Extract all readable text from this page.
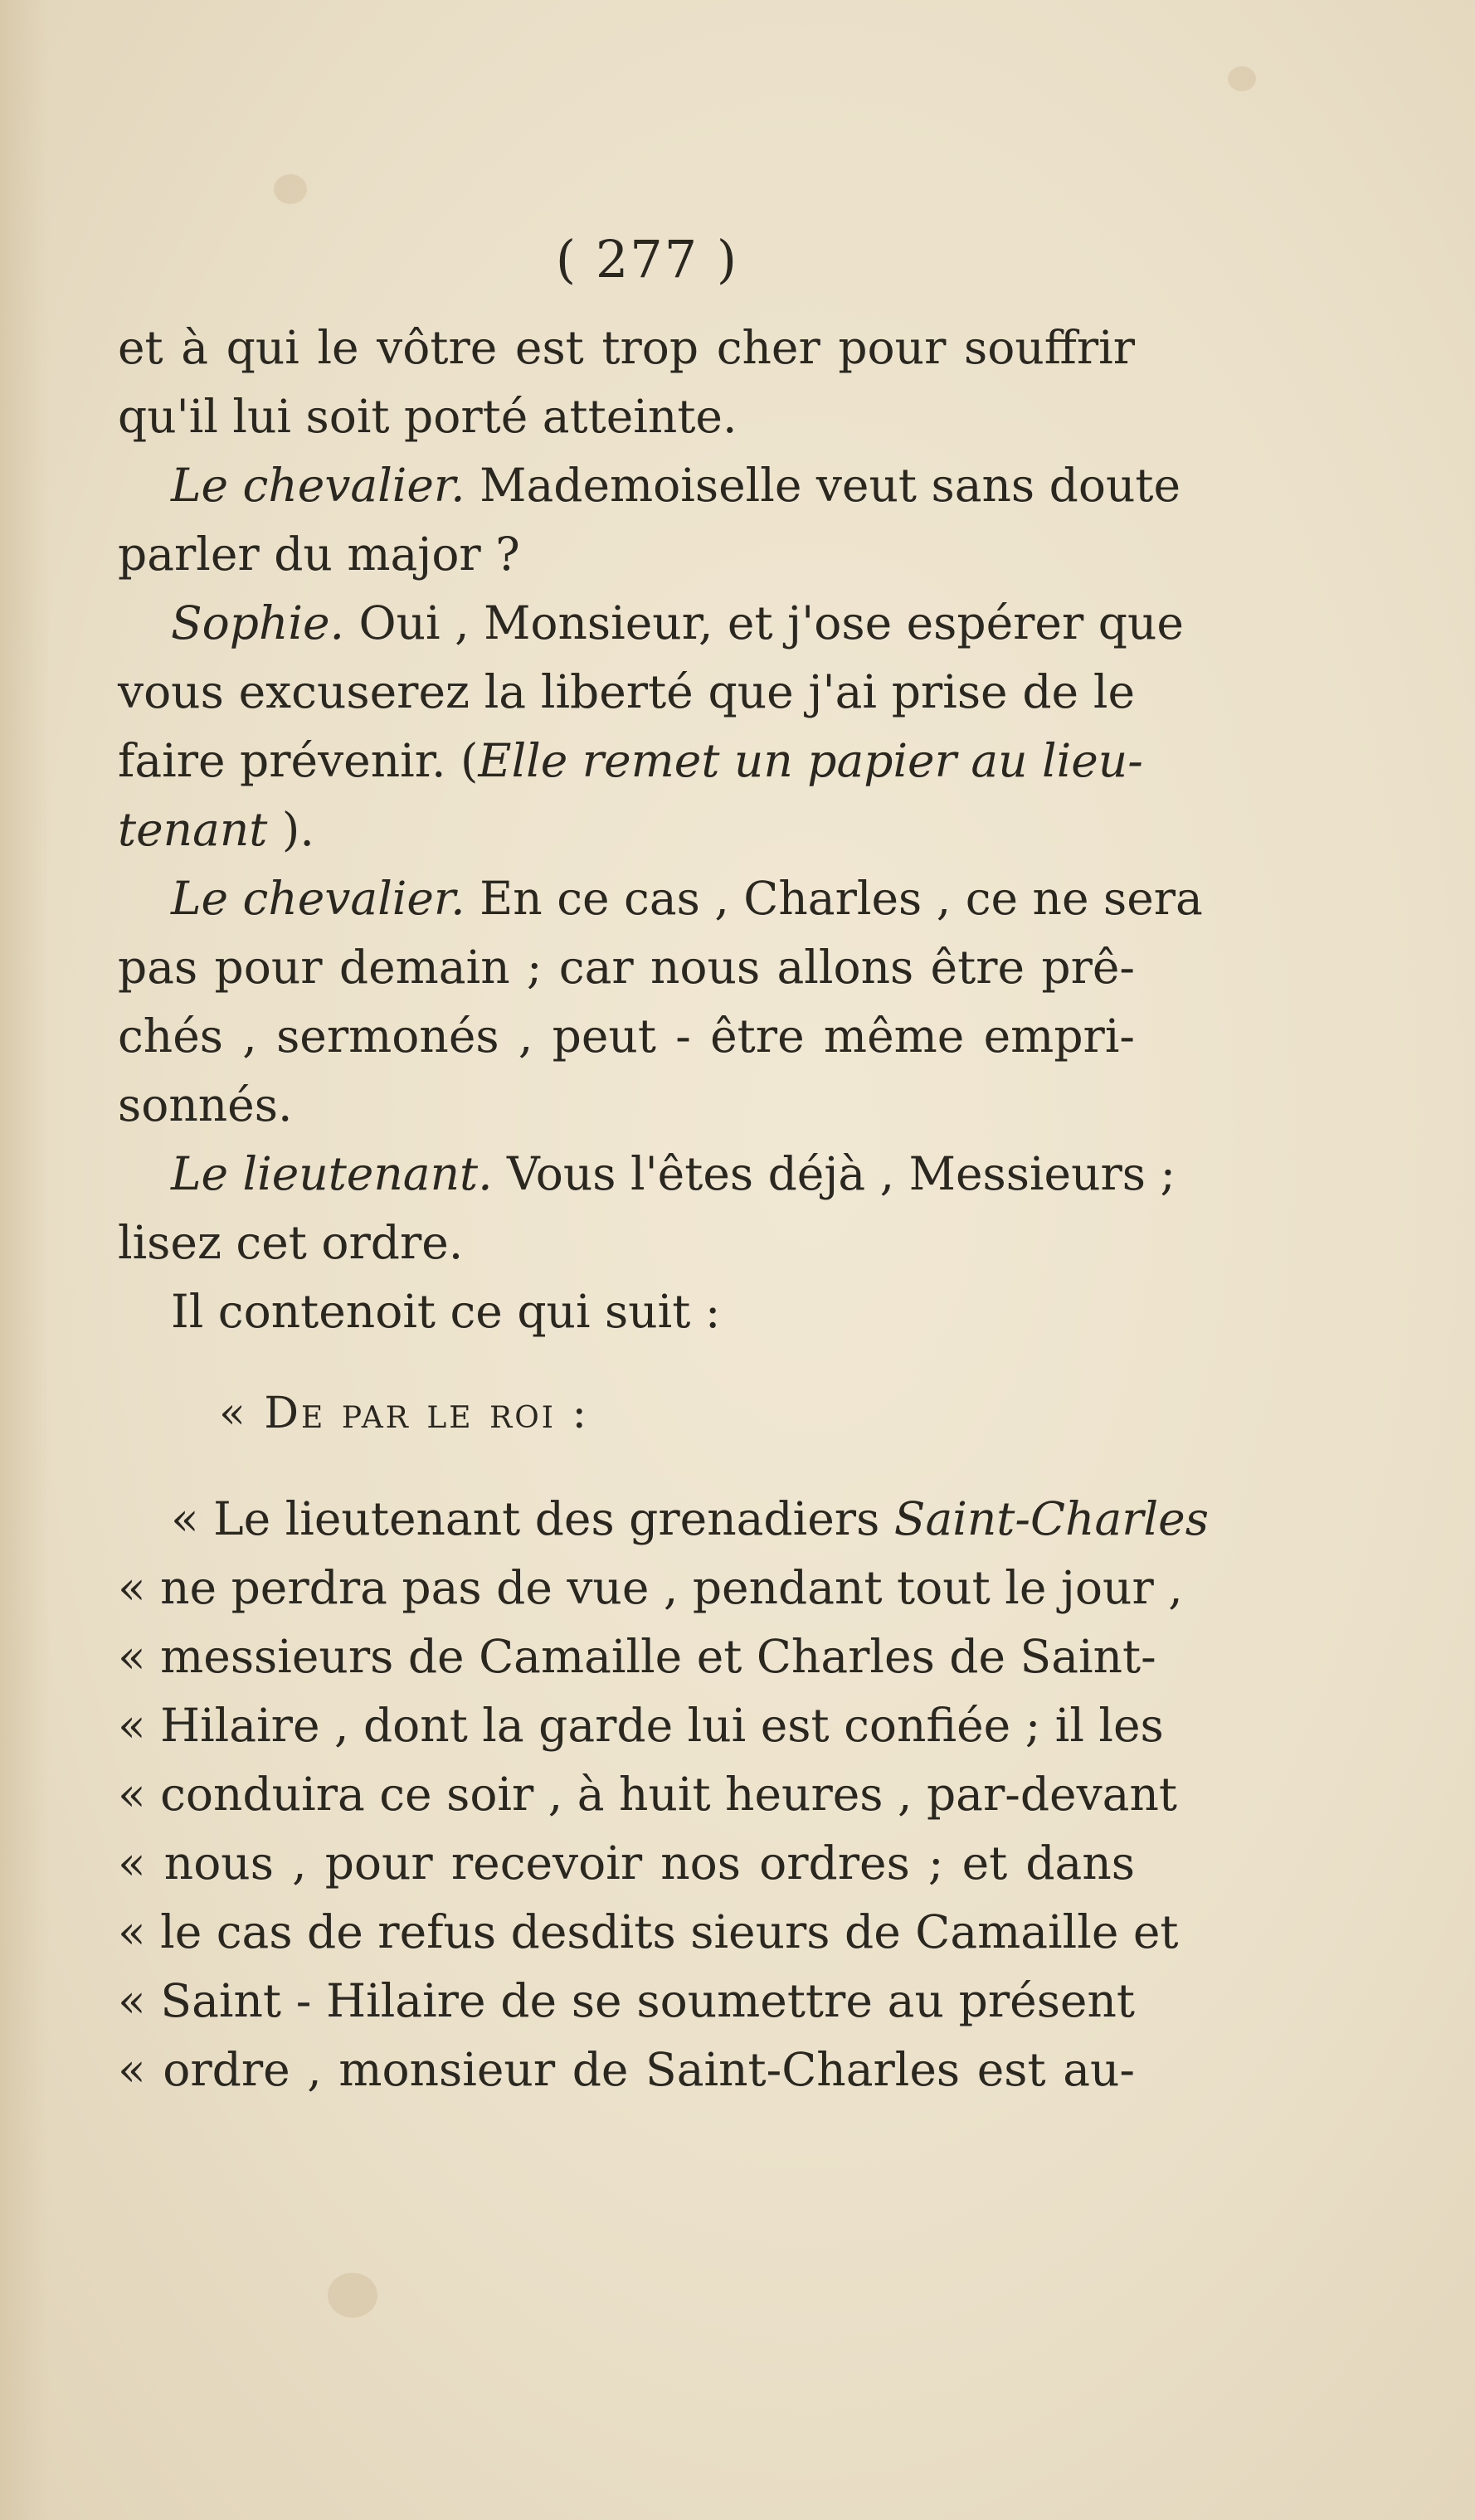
( 277 )
et à qui le vôtre est trop cher pour souffrir
qu'il lui soit porté atteinte.
Le chevalier. Mademoiselle veut sans doute
parler du major ?
Sophie. Oui , Monsieur, et j'ose espérer que
vous excuserez la liberté que j'ai prise de le
faire prévenir. (Elle remet un papier au lieu-
tenant ).
Le chevalier. En ce cas , Charles , ce ne sera
pas pour demain ; car nous allons être prê-
chés , sermonés , peut - être même empri-
sonnés.
Le lieutenant. Vous l'êtes déjà , Messieurs ;
lisez cet ordre.
Il contenoit ce qui suit :
« De par le roi :
« Le lieutenant des grenadiers Saint-Charles
« ne perdra pas de vue , pendant tout le jour ,
« messieurs de Camaille et Charles de Saint-
« Hilaire , dont la garde lui est confiée ; il les
« conduira ce soir , à huit heures , par-devant
« nous , pour recevoir nos ordres ; et dans
« le cas de refus desdits sieurs de Camaille et
« Saint - Hilaire de se soumettre au présent
« ordre , monsieur de Saint-Charles est au-
